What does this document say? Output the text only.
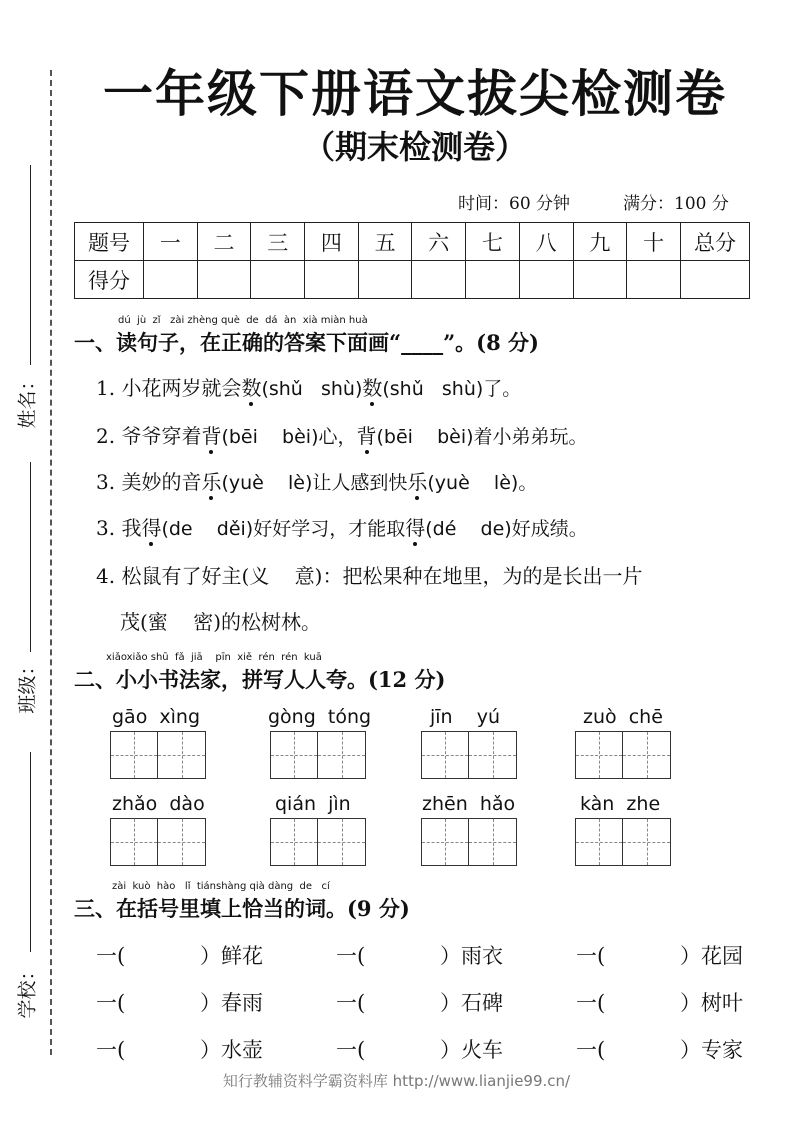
姓名：
班级：
学校：
一年级下册语文拔尖检测卷
（期末检测卷）
时间：60 分钟	满分：100 分
题号	一	二	三	四	五	六	七	八	九	十	总分
得分											
dú  jù  zǐ   zài zhèng què  de  dá  àn  xià miàn huà
一、读句子，在正确的答案下面画“____”。(8 分)
1. 小花两岁就会数(shǔ   shù)数(shǔ   shù)了。
2. 爷爷穿着背(bēi    bèi)心，背(bēi    bèi)着小弟弟玩。
3. 美妙的音乐(yuè    lè)让人感到快乐(yuè    lè)。
3. 我得(de    děi)好好学习，才能取得(dé    de)好成绩。
4. 松鼠有了好主(义    意)：把松果种在地里，为的是长出一片
茂(蜜    密)的松树林。
xiǎoxiǎo shū  fǎ  jiā    pīn  xiě  rén  rén  kuā
二、小小书法家，拼写人人夸。(12 分)
gāo  xìng	gòng  tóng	jīn    yú	zuò  chē
zhǎo  dào	qián  jìn	zhēn  hǎo	kàn  zhe
zài  kuò  hào   lǐ  tiánshàng qià dàng  de   cí
三、在括号里填上恰当的词。(9 分)
一(	）鲜花	一(	）雨衣	一(	）花园
一(	）春雨	一(	）石碑	一(	）树叶
一(	）水壶	一(	）火车	一(	）专家
知行教辅资料学霸资料库 http://www.lianjie99.cn/
